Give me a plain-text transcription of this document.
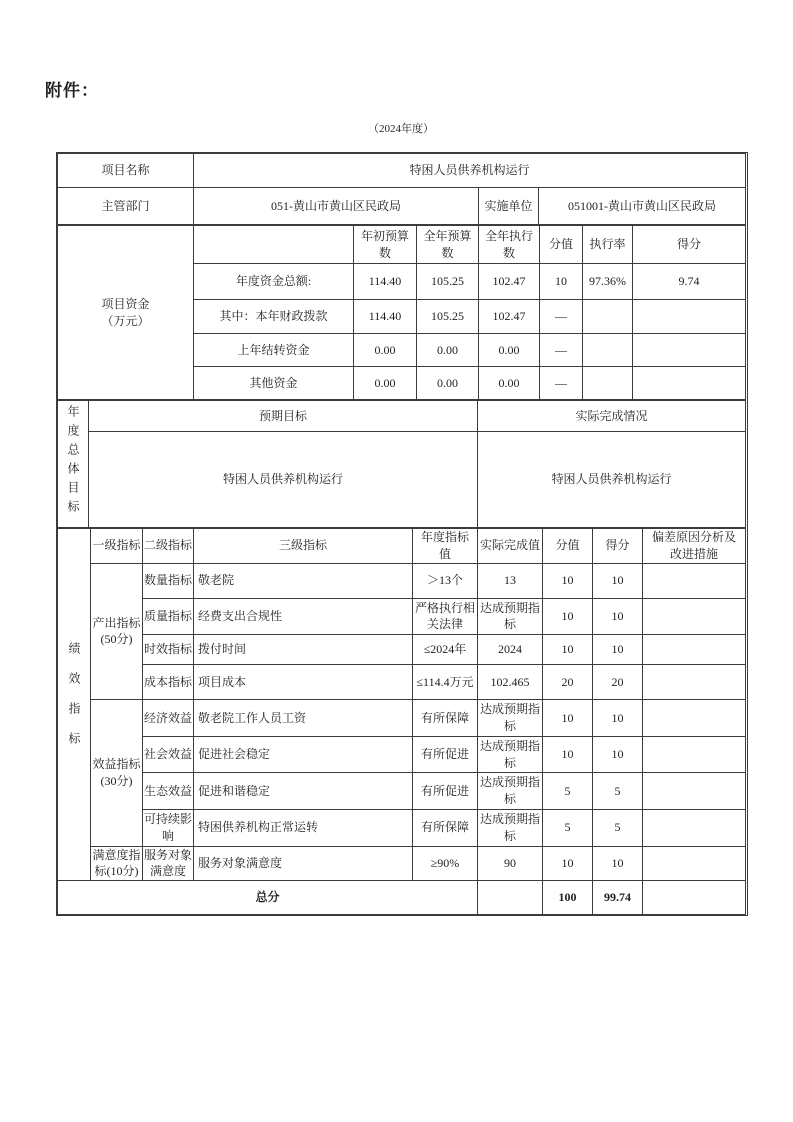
附件：
（2024年度）
项目名称	特困人员供养机构运行		
主管部门	051-黄山市黄山区民政局	实施单位	051001-黄山市黄山区民政局
项目资金
（万元）		年初预算数	全年预算数	全年执行数	分值	执行率	得分
	年度资金总额:	114.40	105.25	102.47	10	97.36%	9.74
	其中：本年财政拨款	114.40	105.25	102.47	—		
	上年结转资金	0.00	0.00	0.00	—		
	其他资金	0.00	0.00	0.00	—		
年度总体目标	预期目标	实际完成情况
	特困人员供养机构运行	特困人员供养机构运行
绩效指标	一级指标	二级指标	三级指标	年度指标值	实际完成值	分值	得分	偏差原因分析及改进措施
	产出指标(50分)	数量指标	敬老院	＞13个	13	10	10	
		质量指标	经费支出合规性	严格执行相关法律	达成预期指标	10	10	
		时效指标	拨付时间	≤2024年	2024	10	10	
		成本指标	项目成本	≤114.4万元	102.465	20	20	
	效益指标(30分)	经济效益	敬老院工作人员工资	有所保障	达成预期指标	10	10	
		社会效益	促进社会稳定	有所促进	达成预期指标	10	10	
		生态效益	促进和谐稳定	有所促进	达成预期指标	5	5	
		可持续影响	特困供养机构正常运转	有所保障	达成预期指标	5	5	
	满意度指标(10分)	服务对象满意度	服务对象满意度	≥90%	90	10	10	
总分						100	99.74	
